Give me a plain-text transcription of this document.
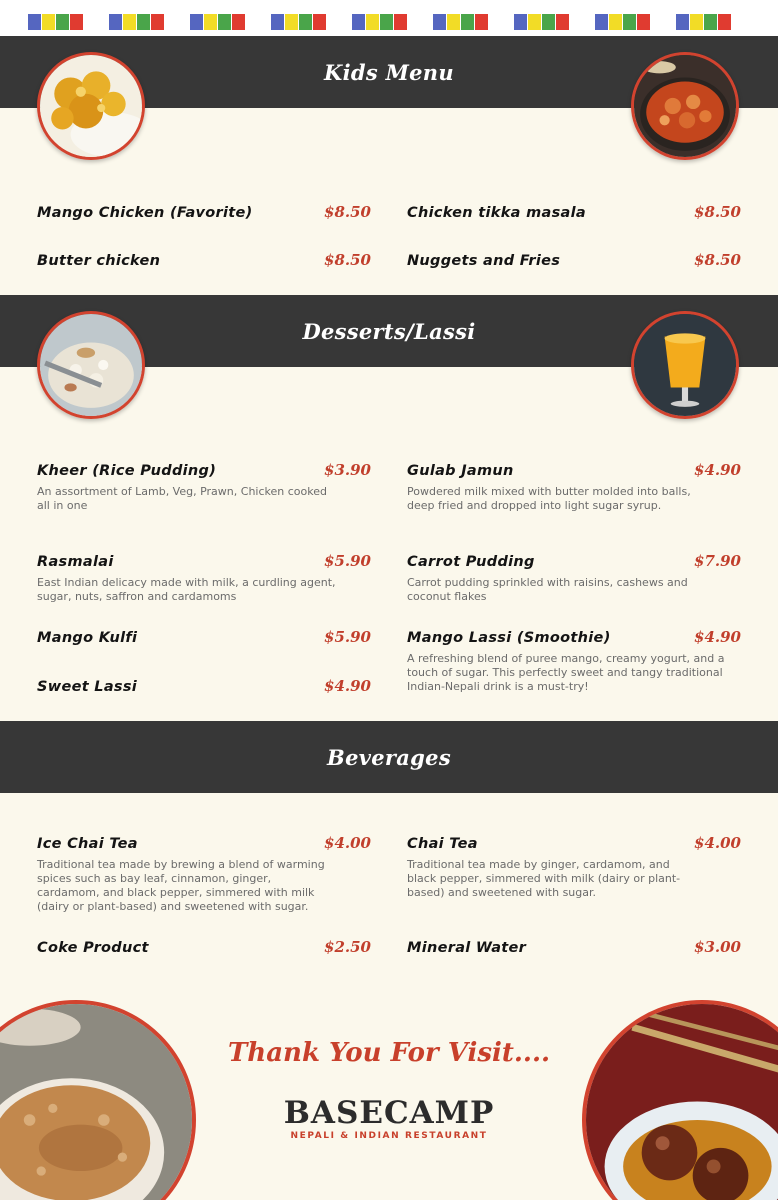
Kids Menu
Mango Chicken (Favorite)	$8.50 Chicken tikka masala	$8.50
Butter chicken	$8.50 Nuggets and Fries	$8.50
Desserts/Lassi
Kheer (Rice Pudding)	$3.90
An assortment of Lamb, Veg, Prawn, Chicken cooked all in one
Gulab Jamun	$4.90
Powdered milk mixed with butter molded into balls, deep fried and dropped into light sugar syrup.
Rasmalai	$5.90
East Indian delicacy made with milk, a curdling agent, sugar, nuts, saffron and cardamoms
Carrot Pudding	$7.90
Carrot pudding sprinkled with raisins, cashews and coconut flakes
Mango Kulfi	$5.90 Mango Lassi (Smoothie)	$4.90
A refreshing blend of puree mango, creamy yogurt, and a touch of sugar. This perfectly sweet and tangy traditional Indian-Nepali drink is a must-try!
Sweet Lassi	$4.90
Beverages
Ice Chai Tea	$4.00
Traditional tea made by brewing a blend of warming spices such as bay leaf, cinnamon, ginger, cardamom, and black pepper, simmered with milk (dairy or plant-based) and sweetened with sugar.
Chai Tea	$4.00
Traditional tea made by ginger, cardamom, and black pepper, simmered with milk (dairy or plant-based) and sweetened with sugar.
Coke Product	$2.50 Mineral Water	$3.00
Thank You For Visit....
BASECAMP
NEPALI & INDIAN RESTAURANT
